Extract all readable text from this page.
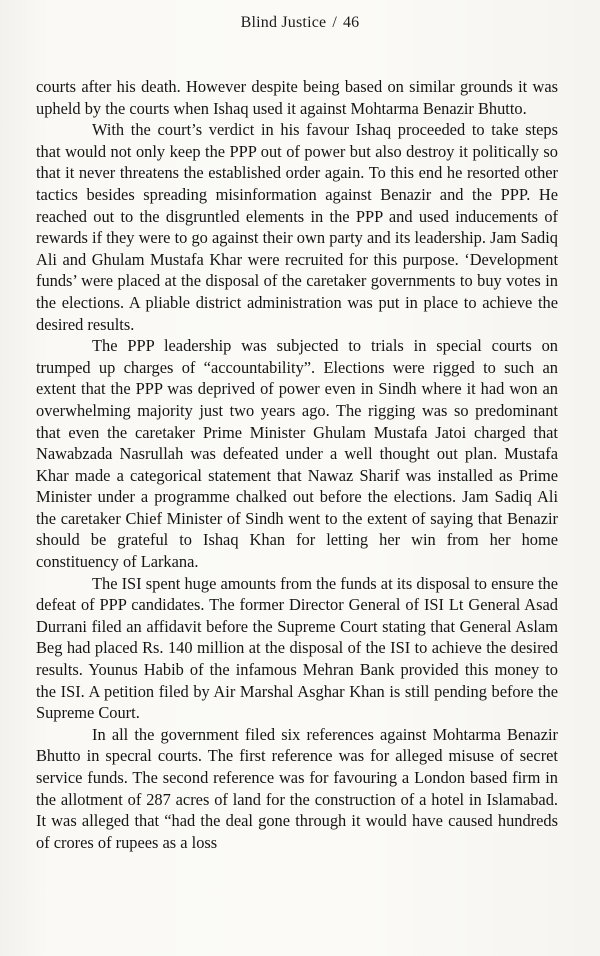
Blind Justice / 46

courts after his death. However despite being based on similar grounds it was upheld by the courts when Ishaq used it against Mohtarma Benazir Bhutto.

With the court’s verdict in his favour Ishaq proceeded to take steps that would not only keep the PPP out of power but also destroy it politically so that it never threatens the established order again. To this end he resorted other tactics besides spreading misinformation against Benazir and the PPP. He reached out to the disgruntled elements in the PPP and used inducements of rewards if they were to go against their own party and its leadership. Jam Sadiq Ali and Ghulam Mustafa Khar were recruited for this purpose. ‘Development funds’ were placed at the disposal of the caretaker governments to buy votes in the elections. A pliable district administration was put in place to achieve the desired results.

The PPP leadership was subjected to trials in special courts on trumped up charges of “accountability”. Elections were rigged to such an extent that the PPP was deprived of power even in Sindh where it had won an overwhelming majority just two years ago. The rigging was so predominant that even the caretaker Prime Minister Ghulam Mustafa Jatoi charged that Nawabzada Nasrullah was defeated under a well thought out plan. Mustafa Khar made a categorical statement that Nawaz Sharif was installed as Prime Minister under a programme chalked out before the elections. Jam Sadiq Ali the caretaker Chief Minister of Sindh went to the extent of saying that Benazir should be grateful to Ishaq Khan for letting her win from her home constituency of Larkana.

The ISI spent huge amounts from the funds at its disposal to ensure the defeat of PPP candidates. The former Director General of ISI Lt General Asad Durrani filed an affidavit before the Supreme Court stating that General Aslam Beg had placed Rs. 140 million at the disposal of the ISI to achieve the desired results. Younus Habib of the infamous Mehran Bank provided this money to the ISI. A petition filed by Air Marshal Asghar Khan is still pending before the Supreme Court.

In all the government filed six references against Mohtarma Benazir Bhutto in specral courts. The first reference was for alleged misuse of secret service funds. The second reference was for favouring a London based firm in the allotment of 287 acres of land for the construction of a hotel in Islamabad. It was alleged that “had the deal gone through it would have caused hundreds of crores of rupees as a loss
